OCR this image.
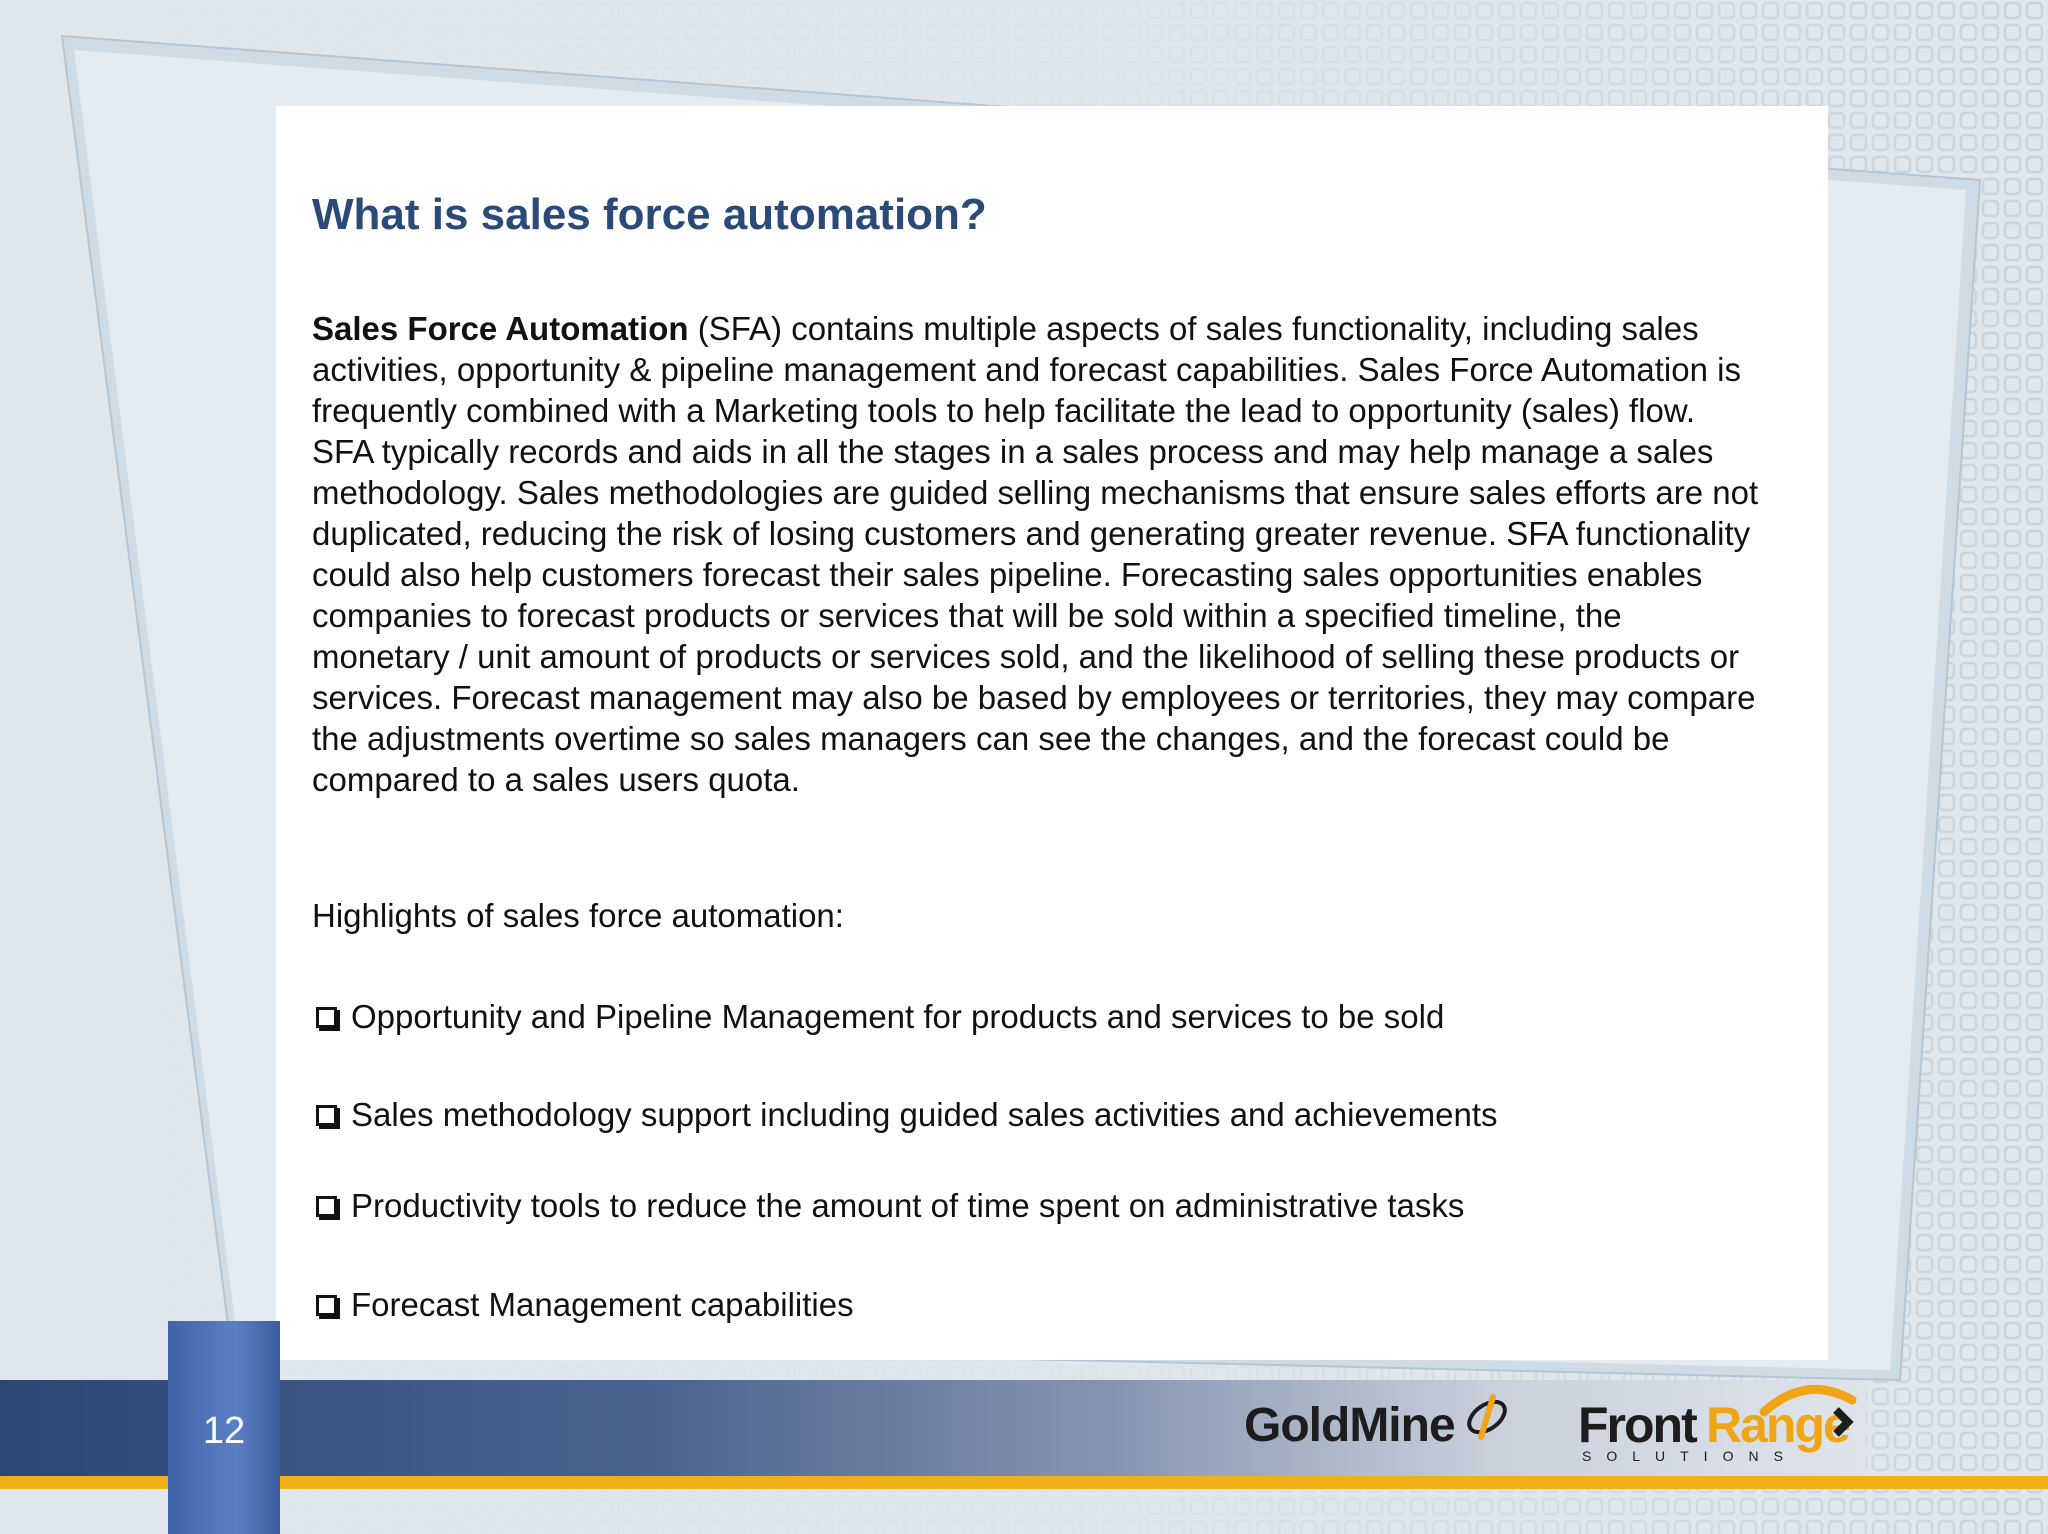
What is sales force automation?

Sales Force Automation (SFA) contains multiple aspects of sales functionality, including sales activities, opportunity & pipeline management and forecast capabilities. Sales Force Automation is frequently combined with a Marketing tools to help facilitate the lead to opportunity (sales) flow. SFA typically records and aids in all the stages in a sales process and may help manage a sales methodology. Sales methodologies are guided selling mechanisms that ensure sales efforts are not duplicated, reducing the risk of losing customers and generating greater revenue. SFA functionality could also help customers forecast their sales pipeline. Forecasting sales opportunities enables companies to forecast products or services that will be sold within a specified timeline, the monetary / unit amount of products or services sold, and the likelihood of selling these products or services. Forecast management may also be based by employees or territories, they may compare the adjustments overtime so sales managers can see the changes, and the forecast could be compared to a sales users quota.

Highlights of sales force automation:

Opportunity and Pipeline Management for products and services to be sold
Sales methodology support including guided sales activities and achievements
Productivity tools to reduce the amount of time spent on administrative tasks
Forecast Management capabilities
12	GoldMine Front Range
SOLUTIONS
